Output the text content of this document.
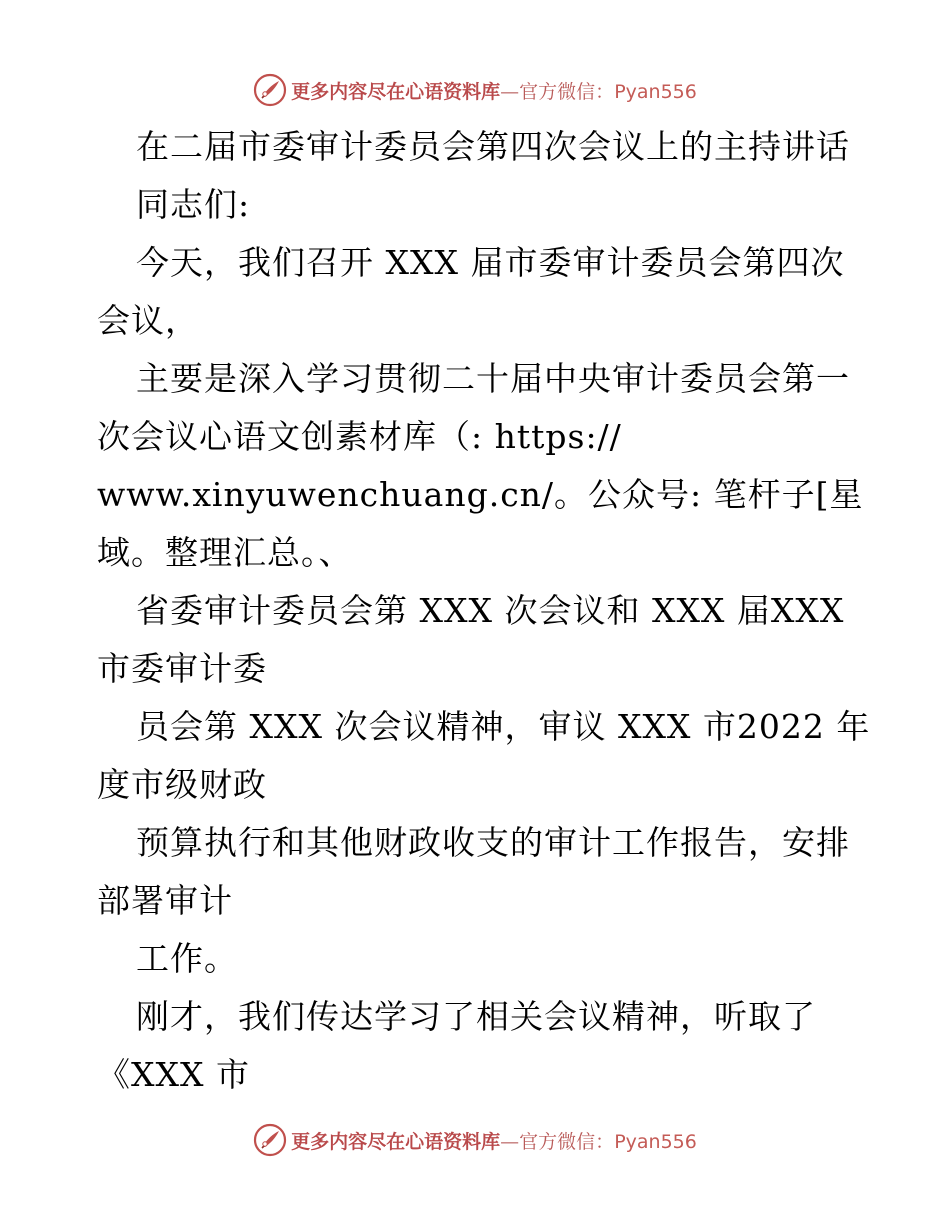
更多内容尽在心语资料库—官方微信：Pyan556
在二届市委审计委员会第四次会议上的主持讲话
同志们:
今天，我们召开 XXX 届市委审计委员会第四次
会议，
主要是深入学习贯彻二十届中央审计委员会第一
次会议心语文创素材库（: https://
www.xinyuwenchuang.cn/。公众号: 笔杆子[星
域。整理汇总。、
省委审计委员会第 XXX 次会议和 XXX 届XXX
市委审计委
员会第 XXX 次会议精神，审议 XXX 市2022 年
度市级财政
预算执行和其他财政收支的审计工作报告，安排
部署审计
工作。
刚才，我们传达学习了相关会议精神，听取了
《XXX 市
更多内容尽在心语资料库—官方微信：Pyan556
